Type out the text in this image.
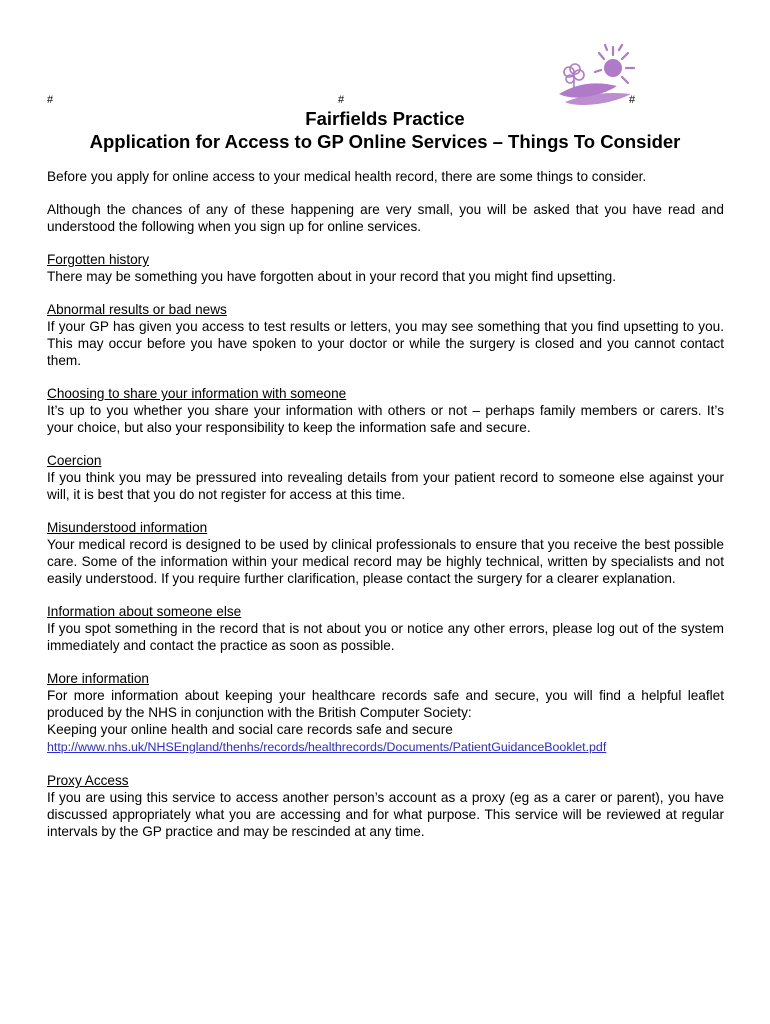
#	#	#
Fairfields Practice
Application for Access to GP Online Services – Things To Consider

Before you apply for online access to your medical health record, there are some things to consider.

Although the chances of any of these happening are very small, you will be asked that you have read and understood the following when you sign up for online services.

Forgotten history
There may be something you have forgotten about in your record that you might find upsetting.
Abnormal results or bad news
If your GP has given you access to test results or letters, you may see something that you find upsetting to you. This may occur before you have spoken to your doctor or while the surgery is closed and you cannot contact them.
Choosing to share your information with someone
It’s up to you whether you share your information with others or not – perhaps family members or carers. It’s your choice, but also your responsibility to keep the information safe and secure.
Coercion
If you think you may be pressured into revealing details from your patient record to someone else against your will, it is best that you do not register for access at this time.
Misunderstood information
Your medical record is designed to be used by clinical professionals to ensure that you receive the best possible care. Some of the information within your medical record may be highly technical, written by specialists and not easily understood. If you require further clarification, please contact the surgery for a clearer explanation.
Information about someone else
If you spot something in the record that is not about you or notice any other errors, please log out of the system immediately and contact the practice as soon as possible.
More information
For more information about keeping your healthcare records safe and secure, you will find a helpful leaflet produced by the NHS in conjunction with the British Computer Society:
Keeping your online health and social care records safe and secure
http://www.nhs.uk/NHSEngland/thenhs/records/healthrecords/Documents/PatientGuidanceBooklet.pdf
Proxy Access
If you are using this service to access another person’s account as a proxy (eg as a carer or parent), you have discussed appropriately what you are accessing and for what purpose. This service will be reviewed at regular intervals by the GP practice and may be rescinded at any time.
